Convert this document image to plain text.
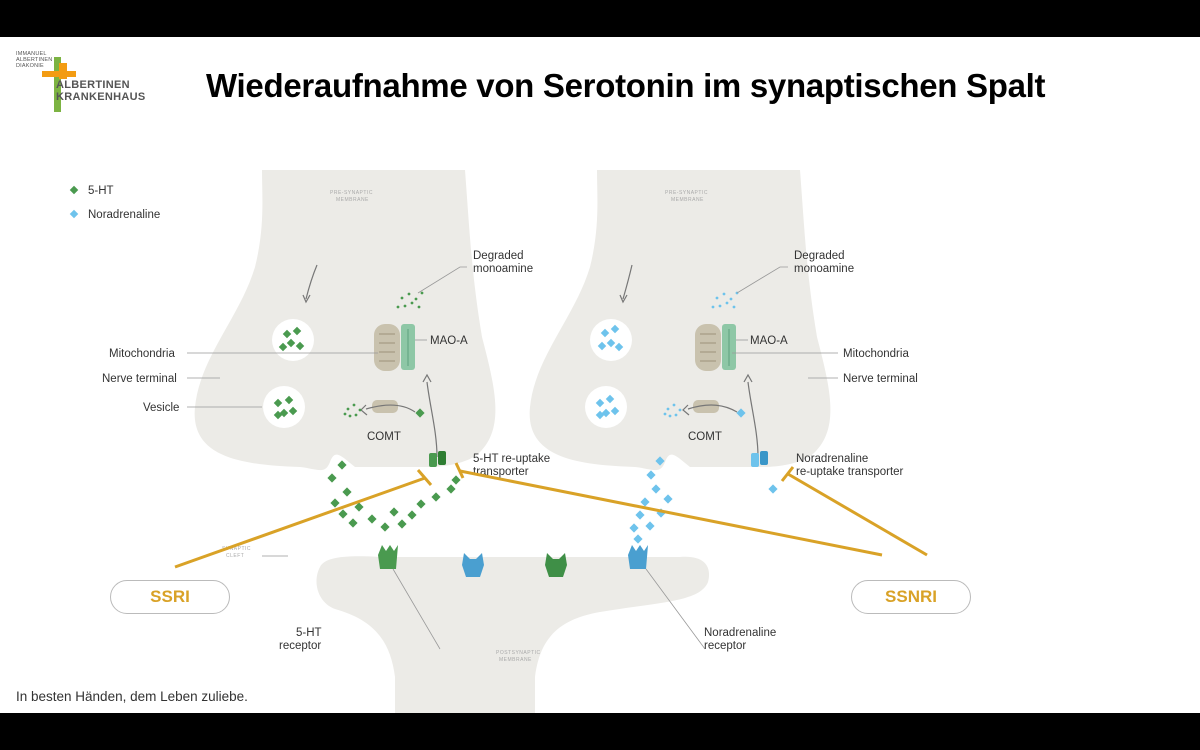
IMMANUEL
ALBERTINEN
DIAKONIE
ALBERTINEN
KRANKENHAUS Wiederaufnahme von Serotonin im synaptischen Spalt
5-HT
Noradrenaline
PRE-SYNAPTIC
MEMBRANE
PRE-SYNAPTIC
MEMBRANE
SYNAPTIC
CLEFT
POSTSYNAPTIC
MEMBRANE
Mitochondria
Nerve terminal
Vesicle
Degraded
monoamine
MAO-A
COMT
5-HT re-uptake
transporter
Degraded
monoamine
MAO-A
COMT
Mitochondria
Nerve terminal
Noradrenaline
re-uptake transporter
5-HT
receptor
Noradrenaline
receptor
SSRI	SSNRI
In besten Händen, dem Leben zuliebe.
